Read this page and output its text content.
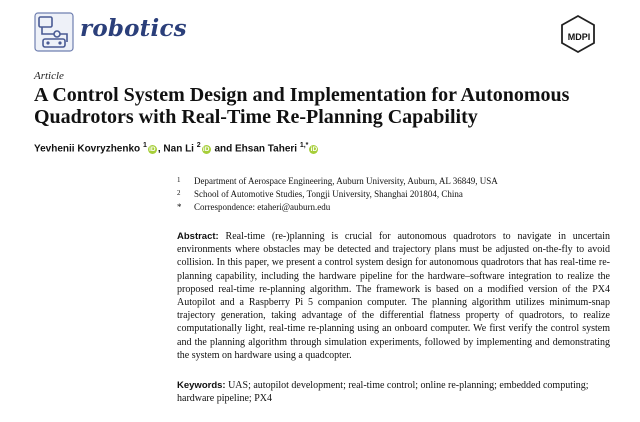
robotics	MDPI
Article
A Control System Design and Implementation for Autonomous Quadrotors with Real-Time Re-Planning Capability
Yevhenii Kovryzhenko $^1$iD , Nan Li $^2$iD and Ehsan Taheri $^{1,*}$iD
1	Department of Aerospace Engineering, Auburn University, Auburn, AL 36849, USA
2	School of Automotive Studies, Tongji University, Shanghai 201804, China
*	Correspondence: etaheri@auburn.edu
Abstract: Real-time (re-)planning is crucial for autonomous quadrotors to navigate in uncertain environments where obstacles may be detected and trajectory plans must be adjusted on-the-fly to avoid collision. In this paper, we present a control system design for autonomous quadrotors that has real-time re-planning capability, including the hardware pipeline for the hardware–software integration to realize the proposed real-time re-planning algorithm. The framework is based on a modified version of the PX4 Autopilot and a Raspberry Pi 5 companion computer. The planning algorithm utilizes minimum-snap trajectory generation, taking advantage of the differential flatness property of quadrotors, to realize computationally light, real-time re-planning using an onboard computer. We first verify the control system and the planning algorithm through simulation experiments, followed by implementing and demonstrating the system on hardware using a quadcopter.
Keywords: UAS; autopilot development; real-time control; online re-planning; embedded computing; hardware pipeline; PX4
